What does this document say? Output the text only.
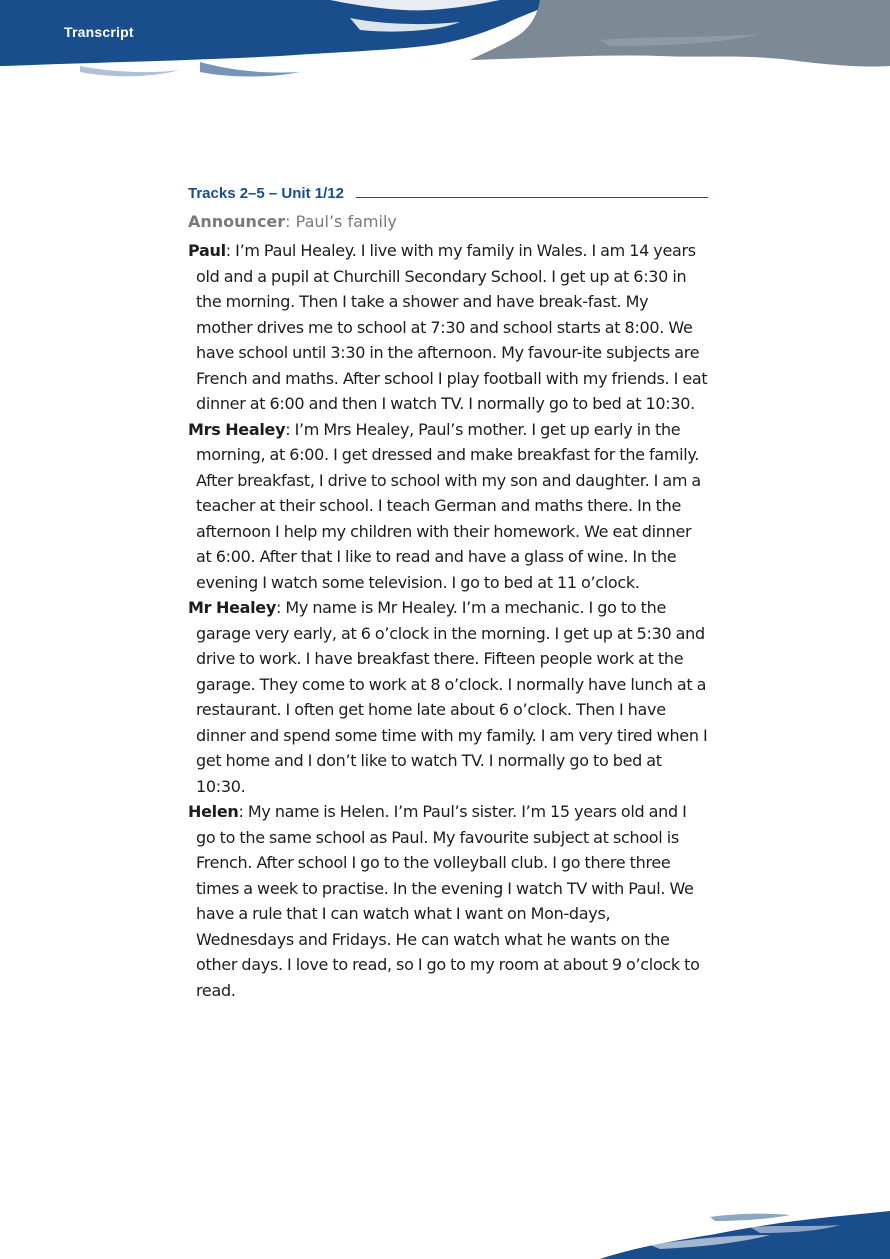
Transcript
Tracks 2–5 – Unit 1/12
Announcer: Paul’s family

Paul: I’m Paul Healey. I live with my family in Wales. I am 14 years old and a pupil at Churchill Secondary School. I get up at 6:30 in the morning. Then I take a shower and have break-fast. My mother drives me to school at 7:30 and school starts at 8:00. We have school until 3:30 in the afternoon. My favour-ite subjects are French and maths. After school I play football with my friends. I eat dinner at 6:00 and then I watch TV. I normally go to bed at 10:30.

Mrs Healey: I’m Mrs Healey, Paul’s mother. I get up early in the morning, at 6:00. I get dressed and make breakfast for the family. After breakfast, I drive to school with my son and daughter. I am a teacher at their school. I teach German and maths there. In the afternoon I help my children with their homework. We eat dinner at 6:00. After that I like to read and have a glass of wine. In the evening I watch some television. I go to bed at 11 o’clock.

Mr Healey: My name is Mr Healey. I’m a mechanic. I go to the garage very early, at 6 o’clock in the morning. I get up at 5:30 and drive to work. I have breakfast there. Fifteen people work at the garage. They come to work at 8 o’clock. I normally have lunch at a restaurant. I often get home late about 6 o’clock. Then I have dinner and spend some time with my family. I am very tired when I get home and I don’t like to watch TV. I normally go to bed at 10:30.

Helen: My name is Helen. I’m Paul’s sister. I’m 15 years old and I go to the same school as Paul. My favourite subject at school is French. After school I go to the volleyball club. I go there three times a week to practise. In the evening I watch TV with Paul. We have a rule that I can watch what I want on Mon-days, Wednesdays and Fridays. He can watch what he wants on the other days. I love to read, so I go to my room at about 9 o’clock to read.
